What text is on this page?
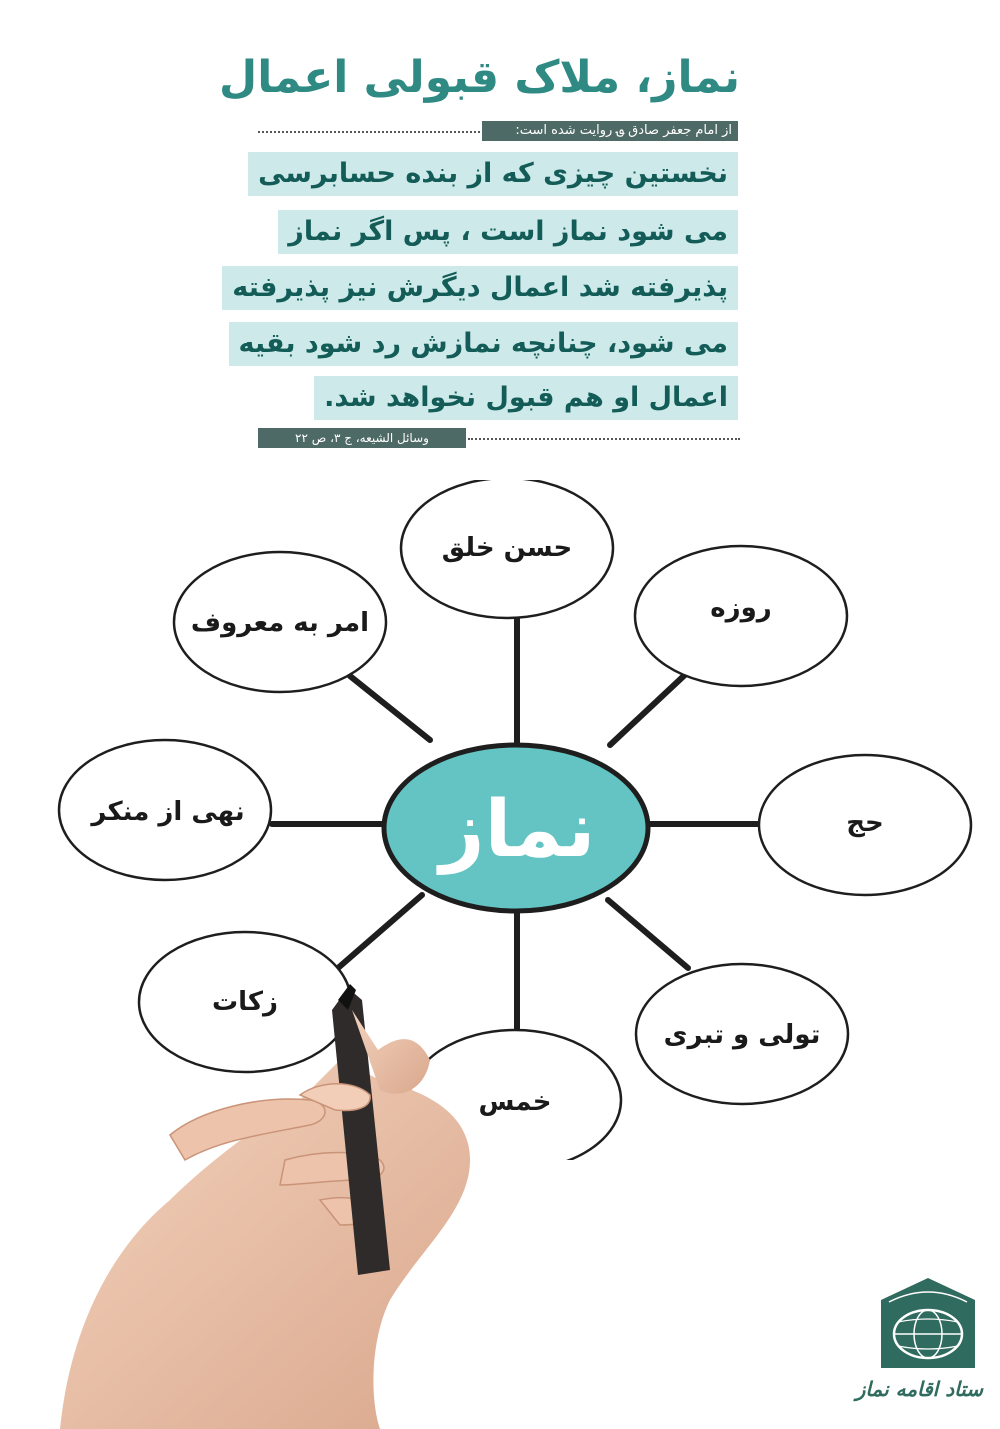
نماز، ملاک قبولی اعمال
از امام جعفر صادق ؈ روایت شده است:
نخستین چیزی که از بنده حسابرسی
می شود نماز است ، پس اگر نماز
پذیرفته شد اعمال دیگرش نیز پذیرفته
می شود، چنانچه نمازش رد شود بقیه
اعمال او هم قبول نخواهد شد.
وسائل الشیعه، ج ۳، ص ۲۲
نماز
حسن خلق
روزه
حج
تولی و تبری
خمس
زکات
نهی از منکر
امر به معروف
ستاد اقامه نماز
